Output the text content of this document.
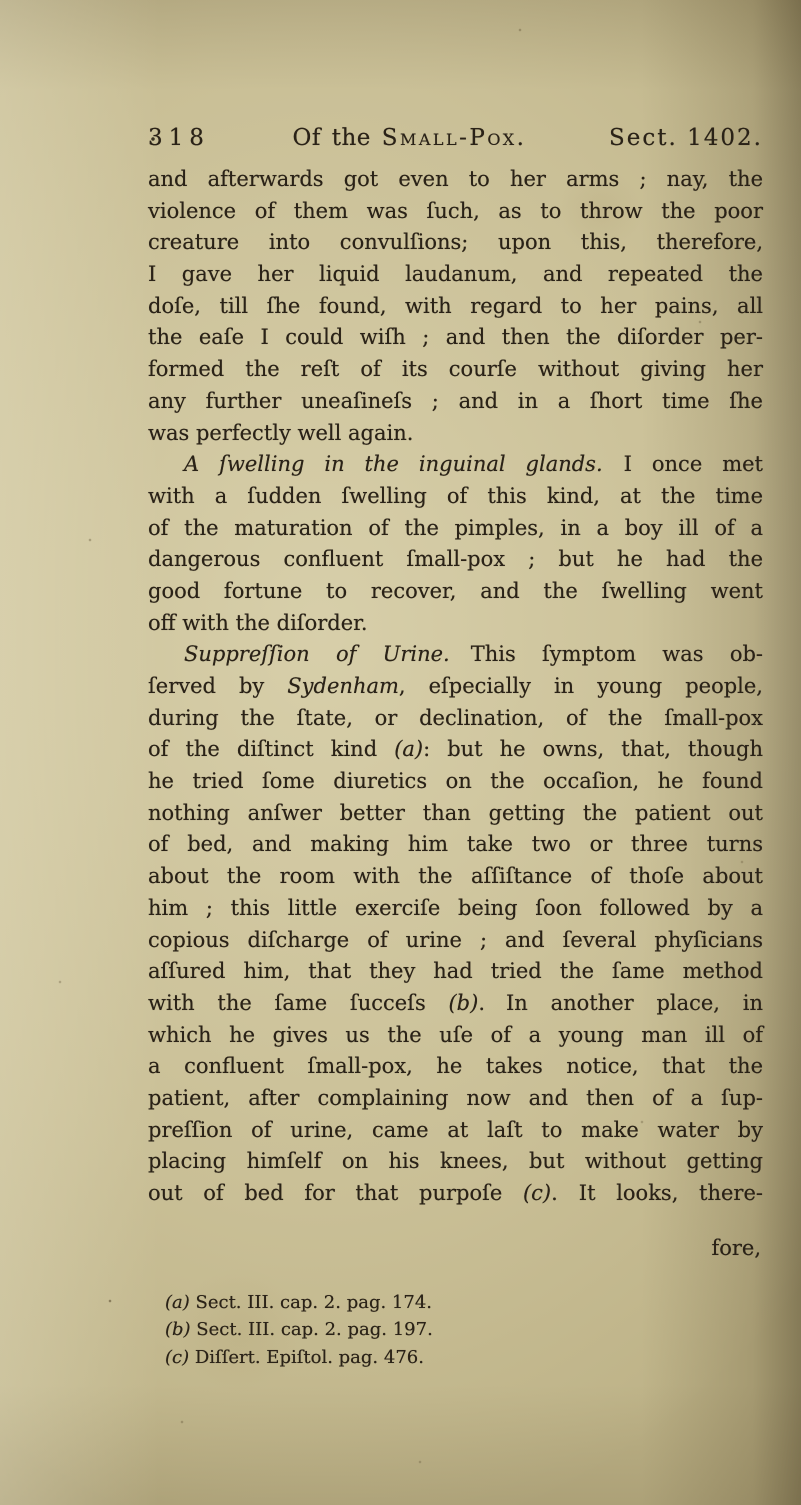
318	Of the Small-Pox.	Sect. 1402.
and afterwards got even to her arms ; nay, the
violence of them was ſuch, as to throw the poor
creature into convulſions; upon this, therefore,
I gave her liquid laudanum, and repeated the
doſe, till ſhe found, with regard to her pains, all
the eaſe I could wiſh ; and then the diſorder per-
formed the reſt of its courſe without giving her
any further uneaſineſs ; and in a ſhort time ſhe
was perfectly well again.
A ſwelling in the inguinal glands. I once met
with a ſudden ſwelling of this kind, at the time
of the maturation of the pimples, in a boy ill of a
dangerous confluent ſmall-pox ; but he had the
good fortune to recover, and the ſwelling went
off with the diſorder.
Suppreſſion of Urine. This ſymptom was ob-
ſerved by Sydenham, eſpecially in young people,
during the ſtate, or declination, of the ſmall-pox
of the diſtinct kind (a): but he owns, that, though
he tried ſome diuretics on the occaſion, he found
nothing anſwer better than getting the patient out
of bed, and making him take two or three turns
about the room with the aſſiſtance of thoſe about
him ; this little exerciſe being ſoon followed by a
copious diſcharge of urine ; and ſeveral phyſicians
aſſured him, that they had tried the ſame method
with the ſame ſucceſs (b). In another place, in
which he gives us the uſe of a young man ill of
a confluent ſmall-pox, he takes notice, that the
patient, after complaining now and then of a ſup-
preſſion of urine, came at laſt to make water by
placing himſelf on his knees, but without getting
out of bed for that purpoſe (c). It looks, there-
fore,
(a) Sect. III. cap. 2. pag. 174.
(b) Sect. III. cap. 2. pag. 197.
(c) Diſſert. Epiſtol. pag. 476.
